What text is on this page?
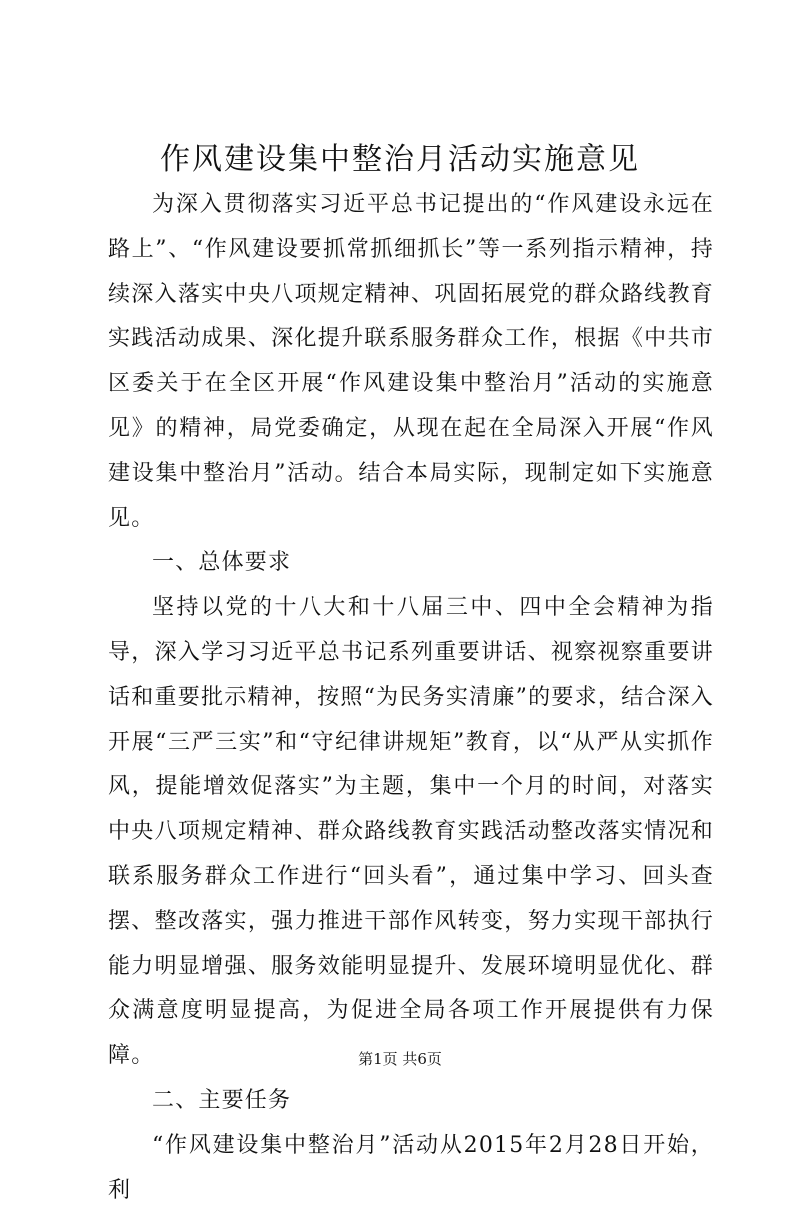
作风建设集中整治月活动实施意见

为深入贯彻落实习近平总书记提出的“作风建设永远在路上”、“作风建设要抓常抓细抓长”等一系列指示精神，持续深入落实中央八项规定精神、巩固拓展党的群众路线教育实践活动成果、深化提升联系服务群众工作，根据《中共市区委关于在全区开展“作风建设集中整治月”活动的实施意见》的精神，局党委确定，从现在起在全局深入开展“作风建设集中整治月”活动。结合本局实际，现制定如下实施意见。

一、总体要求

坚持以党的十八大和十八届三中、四中全会精神为指导，深入学习习近平总书记系列重要讲话、视察视察重要讲话和重要批示精神，按照“为民务实清廉”的要求，结合深入开展“三严三实”和“守纪律讲规矩”教育，以“从严从实抓作风，提能增效促落实”为主题，集中一个月的时间，对落实中央八项规定精神、群众路线教育实践活动整改落实情况和联系服务群众工作进行“回头看”，通过集中学习、回头查摆、整改落实，强力推进干部作风转变，努力实现干部执行能力明显增强、服务效能明显提升、发展环境明显优化、群众满意度明显提高，为促进全局各项工作开展提供有力保障。

二、主要任务

“作风建设集中整治月”活动从2015年2月28日开始，利

第1页 共6页
